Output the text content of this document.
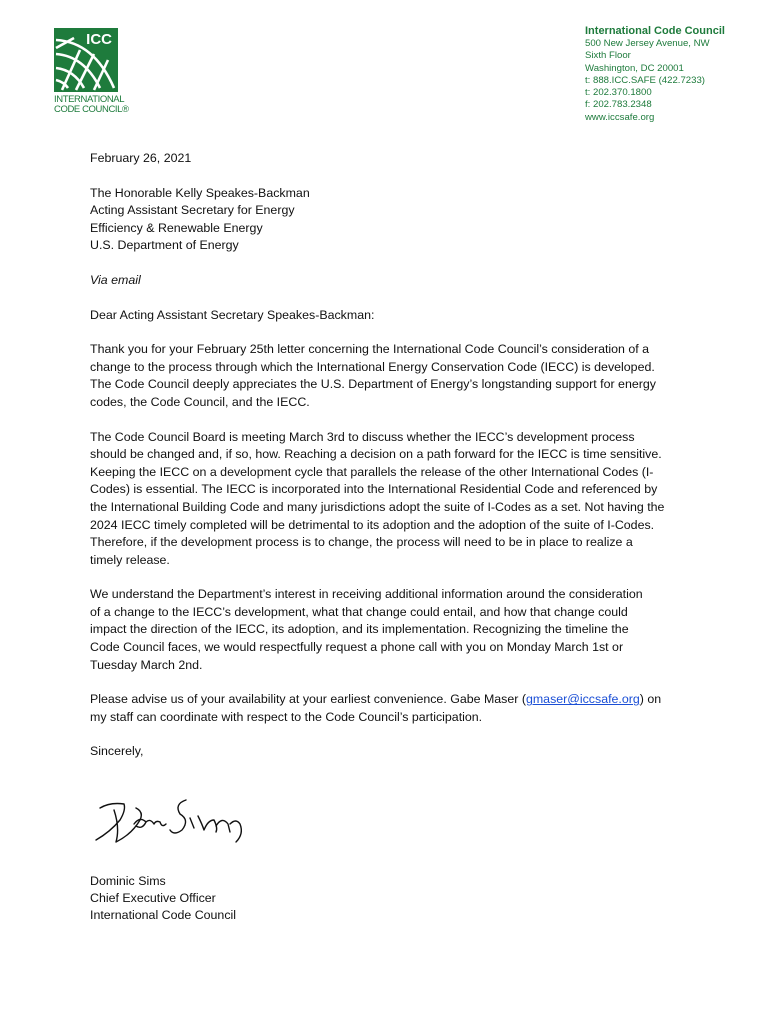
ICC
INTERNATIONAL
CODE COUNCIL®
International Code Council
500 New Jersey Avenue, NW
Sixth Floor
Washington, DC 20001
t: 888.ICC.SAFE (422.7233)
t: 202.370.1800
f: 202.783.2348
www.iccsafe.org

February 26, 2021

The Honorable Kelly Speakes-Backman

Acting Assistant Secretary for Energy

Efficiency & Renewable Energy

U.S. Department of Energy

Via email

Dear Acting Assistant Secretary Speakes-Backman:

Thank you for your February 25th letter concerning the International Code Council’s consideration of a

change to the process through which the International Energy Conservation Code (IECC) is developed.

The Code Council deeply appreciates the U.S. Department of Energy’s longstanding support for energy

codes, the Code Council, and the IECC.

The Code Council Board is meeting March 3rd to discuss whether the IECC’s development process

should be changed and, if so, how. Reaching a decision on a path forward for the IECC is time sensitive.

Keeping the IECC on a development cycle that parallels the release of the other International Codes (I-

Codes) is essential. The IECC is incorporated into the International Residential Code and referenced by

the International Building Code and many jurisdictions adopt the suite of I-Codes as a set. Not having the

2024 IECC timely completed will be detrimental to its adoption and the adoption of the suite of I-Codes.

Therefore, if the development process is to change, the process will need to be in place to realize a

timely release.

We understand the Department’s interest in receiving additional information around the consideration

of a change to the IECC’s development, what that change could entail, and how that change could

impact the direction of the IECC, its adoption, and its implementation. Recognizing the timeline the

Code Council faces, we would respectfully request a phone call with you on Monday March 1st or

Tuesday March 2nd.

Please advise us of your availability at your earliest convenience. Gabe Maser (gmaser@iccsafe.org) on

my staff can coordinate with respect to the Code Council’s participation.

Sincerely,

Dominic Sims

Chief Executive Officer

International Code Council
